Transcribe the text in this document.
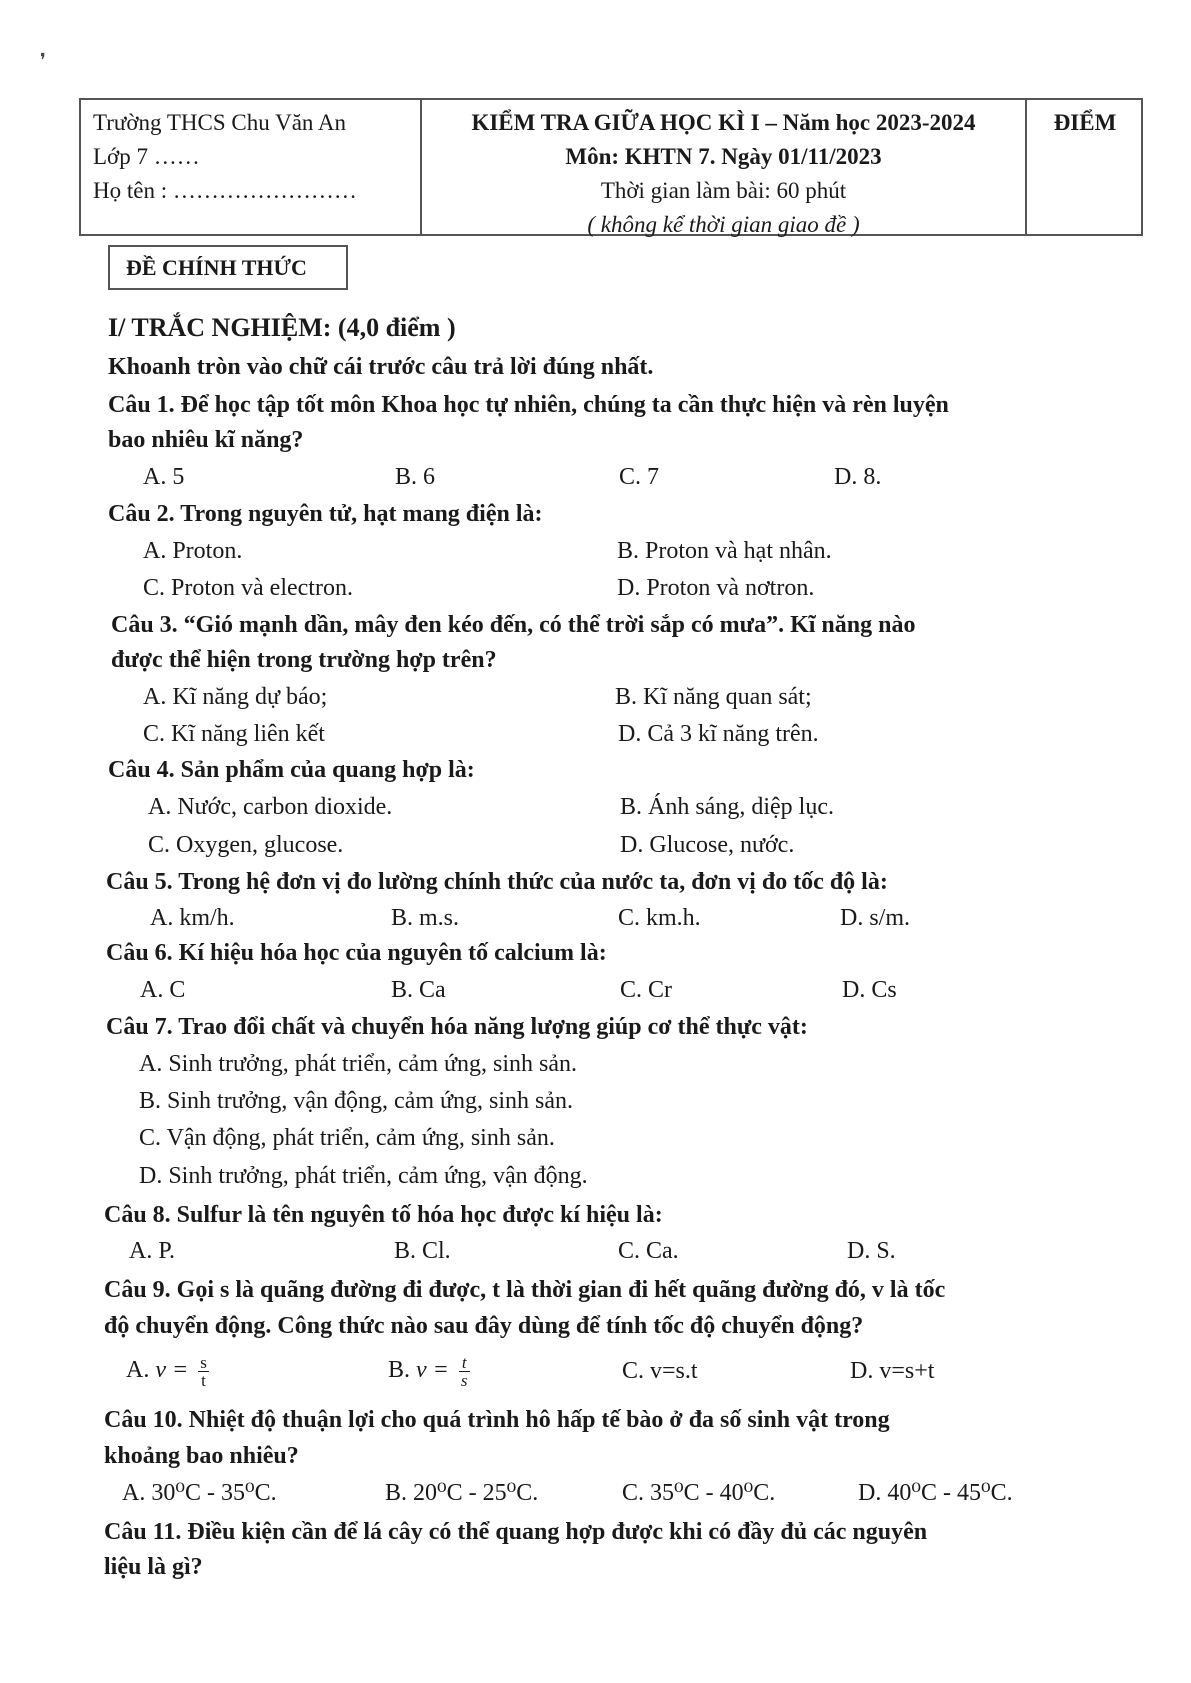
❜
Trường THCS Chu Văn An
Lớp 7 ……
Họ tên : ……………………
KIỂM TRA GIỮA HỌC KÌ I – Năm học 2023-2024
Môn: KHTN 7. Ngày 01/11/2023
Thời gian làm bài: 60 phút
( không kể thời gian giao đề )
ĐIỂM
ĐỀ CHÍNH THỨC
I/ TRẮC NGHIỆM: (4,0 điểm )
Khoanh tròn vào chữ cái trước câu trả lời đúng nhất.
Câu 1. Để học tập tốt môn Khoa học tự nhiên, chúng ta cần thực hiện và rèn luyện
bao nhiêu kĩ năng?
A. 5	B. 6	C. 7	D. 8.
Câu 2. Trong nguyên tử, hạt mang điện là:
A. Proton.	B. Proton và hạt nhân.
C. Proton và electron.	D. Proton và nơtron.
Câu 3. “Gió mạnh dần, mây đen kéo đến, có thể trời sắp có mưa”. Kĩ năng nào
được thể hiện trong trường hợp trên?
A. Kĩ năng dự báo;	B. Kĩ năng quan sát;
C. Kĩ năng liên kết	D. Cả 3 kĩ năng trên.
Câu 4. Sản phẩm của quang hợp là:
A. Nước, carbon dioxide.	B. Ánh sáng, diệp lục.
C. Oxygen, glucose.	D. Glucose, nước.
Câu 5. Trong hệ đơn vị đo lường chính thức của nước ta, đơn vị đo tốc độ là:
A. km/h.	B. m.s.	C. km.h.	D. s/m.
Câu 6. Kí hiệu hóa học của nguyên tố calcium là:
A. C	B. Ca	C. Cr	D. Cs
Câu 7. Trao đổi chất và chuyển hóa năng lượng giúp cơ thể thực vật:
A. Sinh trưởng, phát triển, cảm ứng, sinh sản.
B. Sinh trưởng, vận động, cảm ứng, sinh sản.
C. Vận động, phát triển, cảm ứng, sinh sản.
D. Sinh trưởng, phát triển, cảm ứng, vận động.
Câu 8. Sulfur là tên nguyên tố hóa học được kí hiệu là:
A. P.	B. Cl.	C. Ca.	D. S.
Câu 9. Gọi s là quãng đường đi được, t là thời gian đi hết quãng đường đó, v là tốc
độ chuyển động. Công thức nào sau đây dùng để tính tốc độ chuyển động?
A. $v = \frac{s}{t}$	B. $v = \frac{t}{s}$	C. v=s.t	D. v=s+t
Câu 10. Nhiệt độ thuận lợi cho quá trình hô hấp tế bào ở đa số sinh vật trong
khoảng bao nhiêu?
A. 30⁰C - 35⁰C.	B. 20⁰C - 25⁰C.	C. 35⁰C - 40⁰C.	D. 40⁰C - 45⁰C.
Câu 11. Điều kiện cần để lá cây có thể quang hợp được khi có đầy đủ các nguyên
liệu là gì?
